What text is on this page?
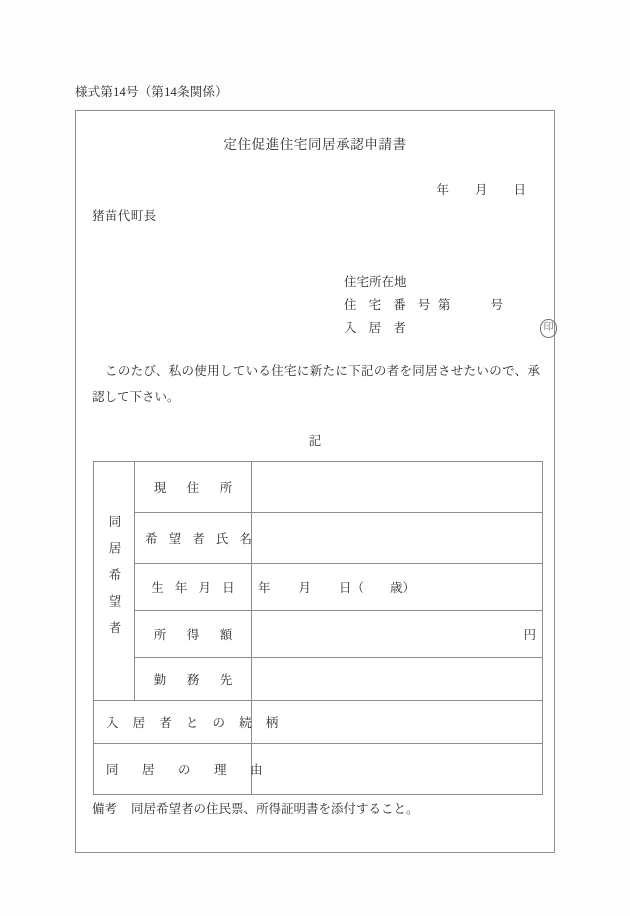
様式第14号（第14条関係）
定住促進住宅同居承認申請書
年 月 日
猪苗代町長
住宅所在地
住 宅 番 号 第	号
入 居 者	印
このたび、私の使用している住宅に新たに下記の者を同居させたいので、承認して下さい。
記
同居希望者	現　住　所	
	希 望 者 氏 名	
	生 年 月 日	年 月 日（ 歳）
	所　得　額	円
	勤　務　先	
入 居 者 と の 続 柄		
同　居　の　理　由		
備考 同居希望者の住民票、所得証明書を添付すること。
